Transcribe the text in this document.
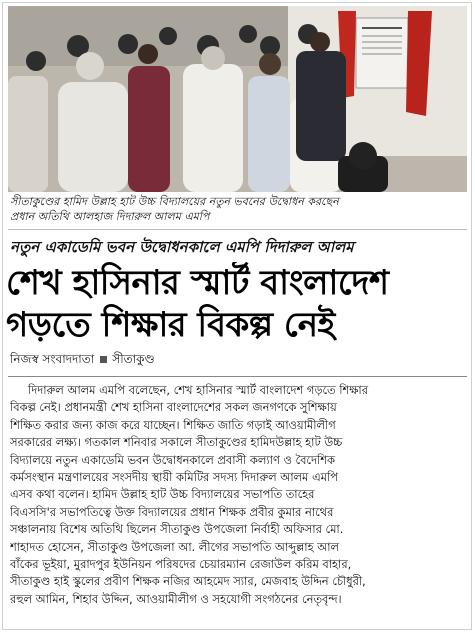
সীতাকুণ্ডের হামিদ উল্লাহ হাট উচ্চ বিদ্যালয়ের নতুন ভবনের উদ্বোধন করছেন
প্রধান অতিথি আলহাজ দিদারুল আলম এমপি
নতুন একাডেমি ভবন উদ্বোধনকালে এমপি দিদারুল আলম
শেখ হাসিনার স্মার্ট বাংলাদেশ
গড়তে শিক্ষার বিকল্প নেই
নিজস্ব সংবাদদাতা সীতাকুণ্ড
দিদারুল আলম এমপি বলেছেন, শেখ হাসিনার স্মার্ট বাংলাদেশ গড়তে শিক্ষার
বিকল্প নেই। প্রধানমন্ত্রী শেখ হাসিনা বাংলাদেশের সকল জনগণকে সুশিক্ষায়
শিক্ষিত করার জন্য কাজ করে যাচ্ছেন। শিক্ষিত জাতি গড়াই আওয়ামীলীগ
সরকারের লক্ষ্য। গতকাল শনিবার সকালে সীতাকুণ্ডের হামিদউল্লাহ হাট উচ্চ
বিদ্যালয়ে নতুন একাডেমি ভবন উদ্বোধনকালে প্রবাসী কল্যাণ ও বৈদেশিক
কর্মসংস্থান মন্ত্রণালয়ের সংসদীয় স্থায়ী কমিটির সদস্য দিদারুল আলম এমপি
এসব কথা বলেন। হামিদ উল্লাহ হাট উচ্চ বিদ্যালয়ের সভাপতি তাহের
বিএসসি'র সভাপতিত্বে উক্ত বিদ্যালয়ের প্রধান শিক্ষক প্রবীর কুমার নাথের
সঞ্চালনায় বিশেষ অতিথি ছিলেন সীতাকুণ্ড উপজেলা নির্বাহী অফিসার মো.
শাহাদত হোসেন, সীতাকুণ্ড উপজেলা আ. লীগের সভাপতি আব্দুল্লাহ আল
বাঁকের ভূইয়া, মুরাদপুর ইউনিয়ন পরিষদের চেয়ারম্যান রেজাউল করিম বাহার,
সীতাকুণ্ড হাই স্কুলের প্রবীণ শিক্ষক নজির আহমেদ স্যার, মেজবাহ উদ্দিন চৌধুরী,
রহুল আমিন, শিহাব উদ্দিন, আওয়ামীলীগ ও সহযোগী সংগঠনের নেতৃবৃন্দ।
